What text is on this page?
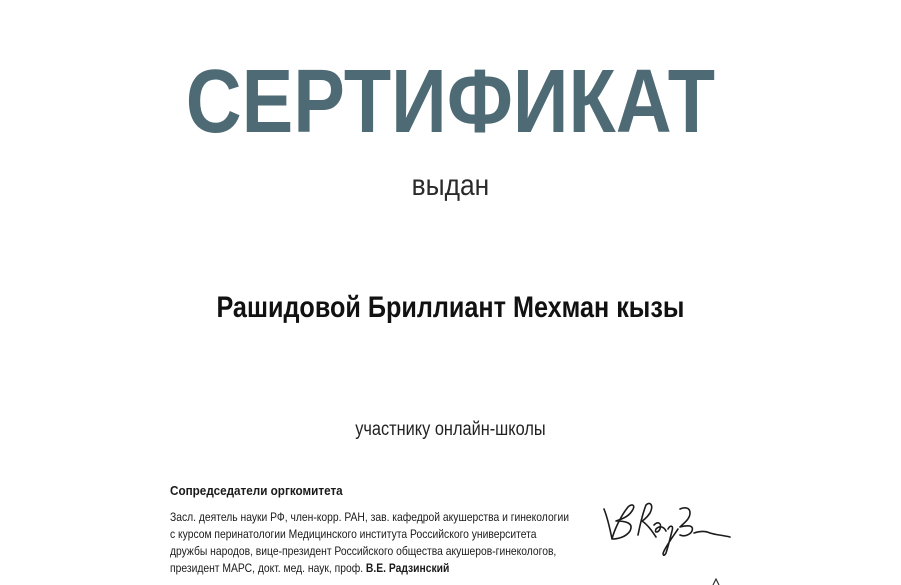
СЕРТИФИКАТ
выдан
Рашидовой Бриллиант Мехман кызы
участнику онлайн-школы
Сопредседатели оргкомитета
Засл. деятель науки РФ, член-корр. РАН, зав. кафедрой акушерства и гинекологии
с курсом перинатологии Медицинского института Российского университета
дружбы народов, вице-президент Российского общества акушеров-гинекологов,
президент МАРС, докт. мед. наук, проф. В.Е. Радзинский
